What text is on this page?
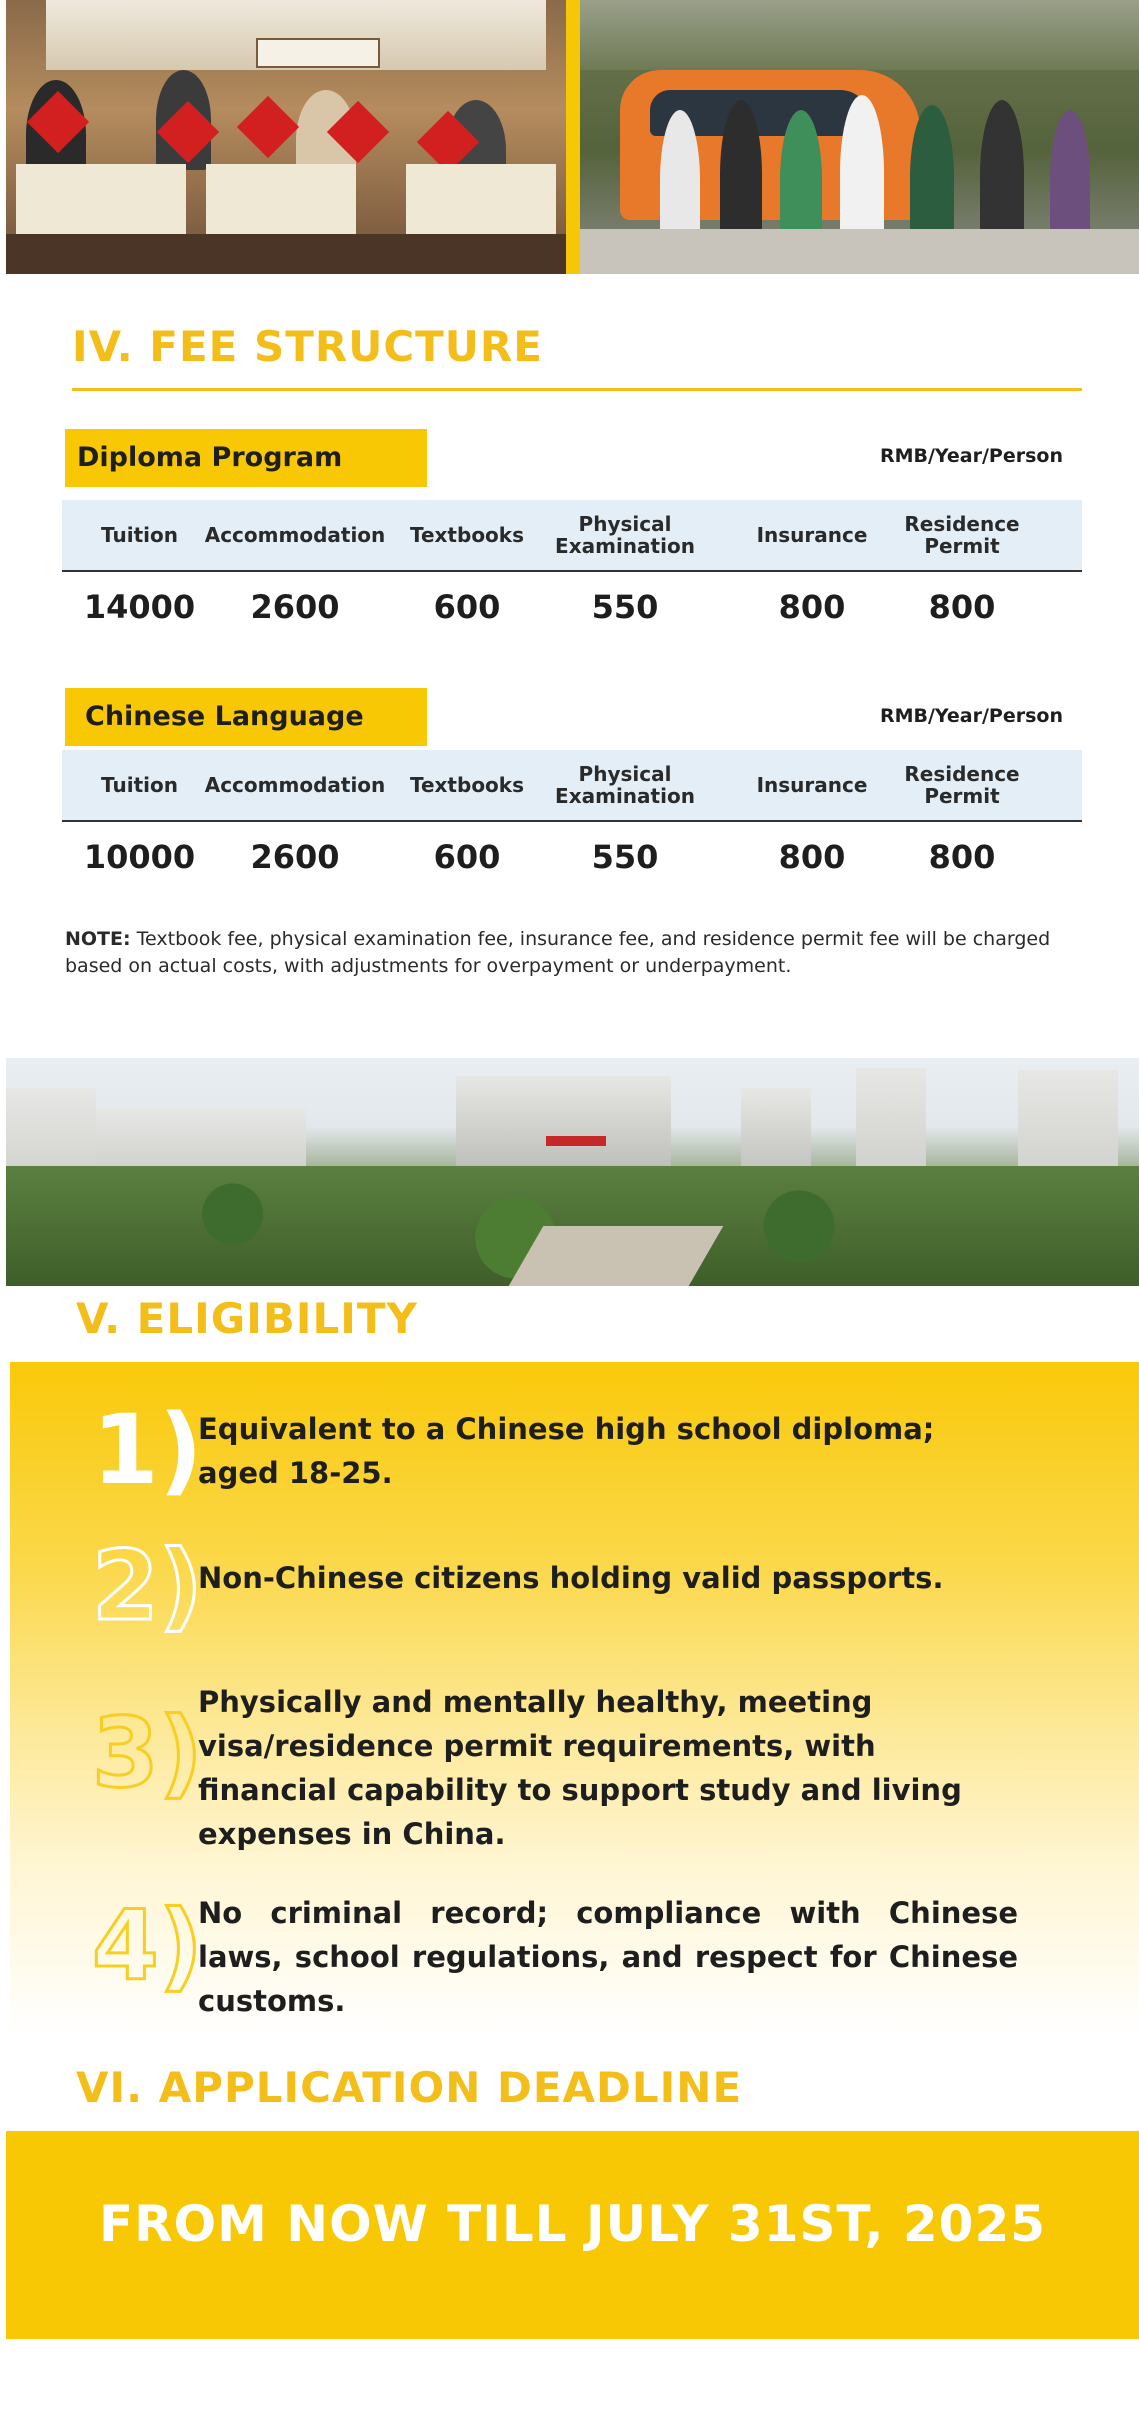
IV. FEE STRUCTURE
Diploma Program	RMB/Year/Person
Tuition	Accommodation	Textbooks	Physical Examination	Insurance	Residence Permit
14000	2600	600	550	800	800
Chinese Language	RMB/Year/Person
Tuition	Accommodation	Textbooks	Physical Examination	Insurance	Residence Permit
10000	2600	600	550	800	800
NOTE: Textbook fee, physical examination fee, insurance fee, and residence permit fee will be charged based on actual costs, with adjustments for overpayment or underpayment.
V. ELIGIBILITY
1)
Equivalent to a Chinese high school diploma; aged 18-25.
2)
Non-Chinese citizens holding valid passports.
3)
Physically and mentally healthy, meeting visa/residence permit requirements, with financial capability to support study and living expenses in China.
4)
No criminal record; compliance with Chinese laws, school regulations, and respect for Chinese customs.
VI. APPLICATION DEADLINE
FROM NOW TILL JULY 31ST, 2025
